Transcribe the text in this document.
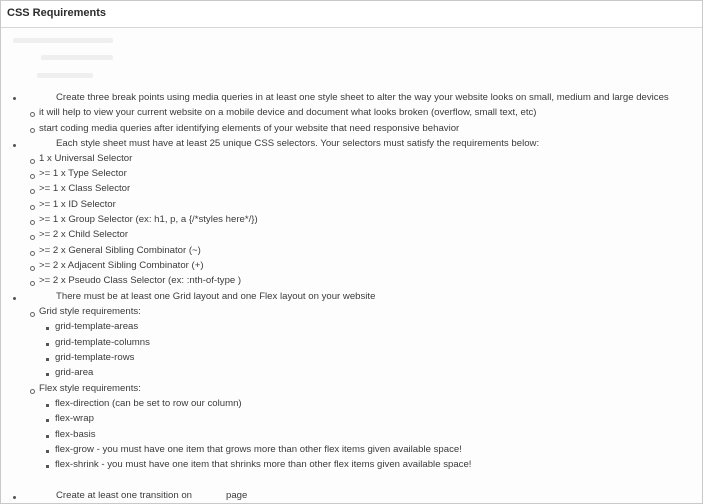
CSS Requirements
Create three break points using media queries in at least one style sheet to alter the way your website looks on small, medium and large devices
it will help to view your current website on a mobile device and document what looks broken (overflow, small text, etc)
start coding media queries after identifying elements of your website that need responsive behavior
Each style sheet must have at least 25 unique CSS selectors. Your selectors must satisfy the requirements below:
1 x Universal Selector
>= 1 x Type Selector
>= 1 x Class Selector
>= 1 x ID Selector
>= 1 x Group Selector (ex: h1, p, a {/*styles here*/})
>= 2 x Child Selector
>= 2 x General Sibling Combinator (~)
>= 2 x Adjacent Sibling Combinator (+)
>= 2 x Pseudo Class Selector (ex: :nth-of-type )
There must be at least one Grid layout and one Flex layout on your website
Grid style requirements:
grid-template-areas
grid-template-columns
grid-template-rows
grid-area
Flex style requirements:
flex-direction (can be set to row our column)
flex-wrap
flex-basis
flex-grow - you must have one item that grows more than other flex items given available space!
flex-shrink - you must have one item that shrinks more than other flex items given available space!
Create at least one transition on	page
